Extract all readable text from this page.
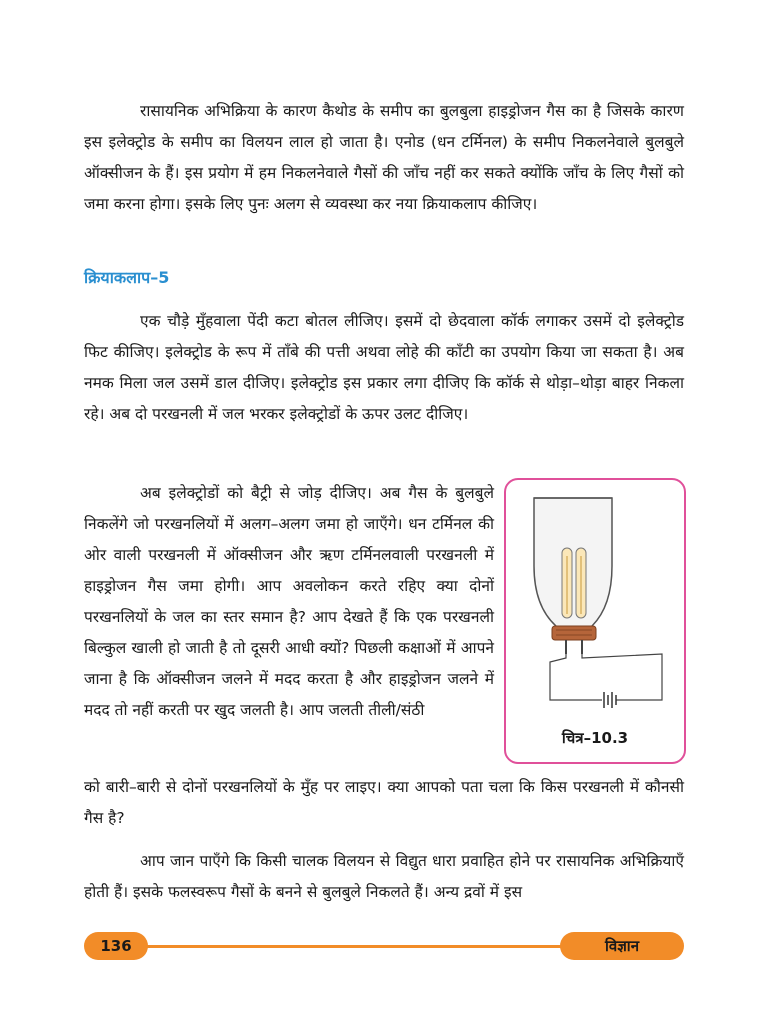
रासायनिक अभिक्रिया के कारण कैथोड के समीप का बुलबुला हाइड्रोजन गैस का है जिसके कारण इस इलेक्ट्रोड के समीप का विलयन लाल हो जाता है। एनोड (धन टर्मिनल) के समीप निकलनेवाले बुलबुले ऑक्सीजन के हैं। इस प्रयोग में हम निकलनेवाले गैसों की जाँच नहीं कर सकते क्योंकि जाँच के लिए गैसों को जमा करना होगा। इसके लिए पुनः अलग से व्यवस्था कर नया क्रियाकलाप कीजिए।

क्रियाकलाप–5

एक चौड़े मुँहवाला पेंदी कटा बोतल लीजिए। इसमें दो छेदवाला कॉर्क लगाकर उसमें दो इलेक्ट्रोड फिट कीजिए। इलेक्ट्रोड के रूप में ताँबे की पत्ती अथवा लोहे की काँटी का उपयोग किया जा सकता है। अब नमक मिला जल उसमें डाल दीजिए। इलेक्ट्रोड इस प्रकार लगा दीजिए कि कॉर्क से थोड़ा–थोड़ा बाहर निकला रहे। अब दो परखनली में जल भरकर इलेक्ट्रोडों के ऊपर उलट दीजिए।

अब इलेक्ट्रोडों को बैट्री से जोड़ दीजिए। अब गैस के बुलबुले निकलेंगे जो परखनलियों में अलग–अलग जमा हो जाएँगे। धन टर्मिनल की ओर वाली परखनली में ऑक्सीजन और ऋण टर्मिनलवाली परखनली में हाइड्रोजन गैस जमा होगी। आप अवलोकन करते रहिए क्या दोनों परखनलियों के जल का स्तर समान है? आप देखते हैं कि एक परखनली बिल्कुल खाली हो जाती है तो दूसरी आधी क्यों? पिछली कक्षाओं में आपने जाना है कि ऑक्सीजन जलने में मदद करता है और हाइड्रोजन जलने में मदद तो नहीं करती पर खुद जलती है। आप जलती तीली/संठी

को बारी–बारी से दोनों परखनलियों के मुँह पर लाइए। क्या आपको पता चला कि किस परखनली में कौनसी गैस है?

आप जान पाएँगे कि किसी चालक विलयन से विद्युत धारा प्रवाहित होने पर रासायनिक अभिक्रियाएँ होती हैं। इसके फलस्वरूप गैसों के बनने से बुलबुले निकलते हैं। अन्य द्रवों में इस

चित्र–10.3
136	विज्ञान
